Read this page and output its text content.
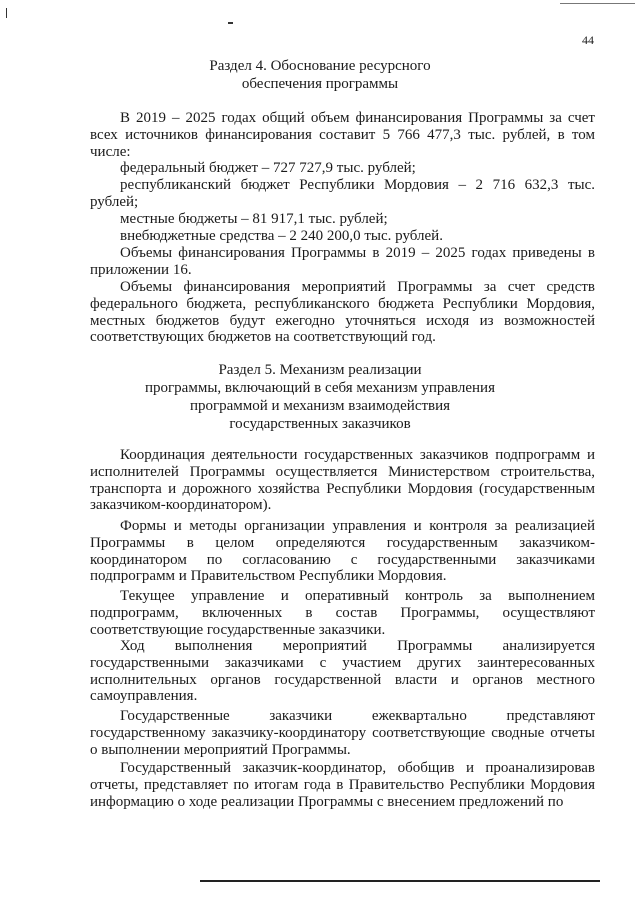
44
Раздел 4. Обоснование ресурсного
обеспечения программы
В 2019 – 2025 годах общий объем финансирования Программы за счет всех источников финансирования составит 5 766 477,3 тыс. рублей, в том числе:
федеральный бюджет – 727 727,9 тыс. рублей;
республиканский бюджет Республики Мордовия – 2 716 632,3 тыс. рублей;
местные бюджеты – 81 917,1 тыс. рублей;
внебюджетные средства – 2 240 200,0 тыс. рублей.
Объемы финансирования Программы в 2019 – 2025 годах приведены в приложении 16.
Объемы финансирования мероприятий Программы за счет средств федерального бюджета, республиканского бюджета Республики Мордовия, местных бюджетов будут ежегодно уточняться исходя из возможностей соответствующих бюджетов на соответствующий год.
Раздел 5. Механизм реализации
программы, включающий в себя механизм управления
программой и механизм взаимодействия
государственных заказчиков
Координация деятельности государственных заказчиков подпрограмм и исполнителей Программы осуществляется Министерством строительства, транспорта и дорожного хозяйства Республики Мордовия (государственным заказчиком-координатором).
Формы и методы организации управления и контроля за реализацией Программы в целом определяются государственным заказчиком-координатором по согласованию с государственными заказчиками подпрограмм и Правительством Республики Мордовия.
Текущее управление и оперативный контроль за выполнением подпрограмм, включенных в состав Программы, осуществляют соответствующие государственные заказчики.
Ход выполнения мероприятий Программы анализируется государственными заказчиками с участием других заинтересованных исполнительных органов государственной власти и органов местного самоуправления.
Государственные заказчики ежеквартально представляют государственному заказчику-координатору соответствующие сводные отчеты о выполнении мероприятий Программы.
Государственный заказчик-координатор, обобщив и проанализировав отчеты, представляет по итогам года в Правительство Республики Мордовия информацию о ходе реализации Программы с внесением предложений по
